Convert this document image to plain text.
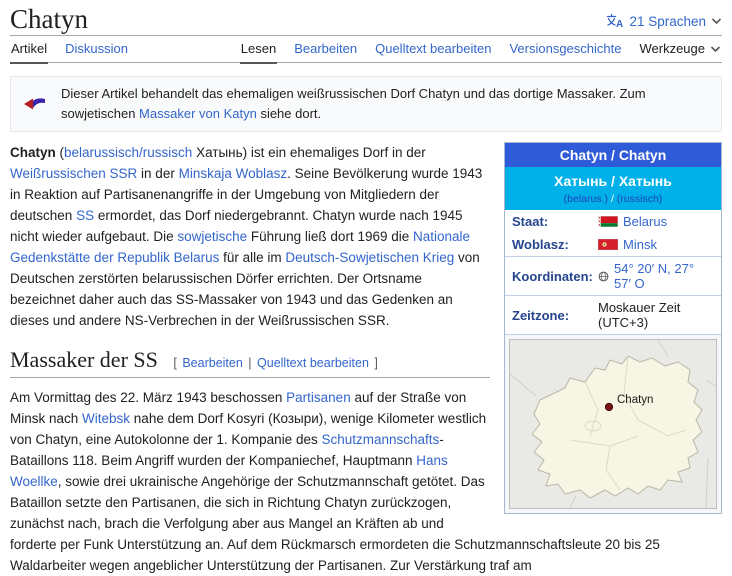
Chatyn	A 21 Sprachen
Artikel Diskussion	Lesen Bearbeiten Quelltext bearbeiten Versionsgeschichte Werkzeuge
Dieser Artikel behandelt das ehemaligen weißrussischen Dorf Chatyn und das dortige Massaker. Zum sowjetischen Massaker von Katyn siehe dort.
Chatyn / Chatyn
Хатынь / Хатынь
(belarus.) / (russisch)
Staat:	Belarus
Woblasz:	Minsk
Koordinaten:	54° 20′ N, 27° 57′ O
Zeitzone:	Moskauer Zeit (UTC+3)
Chatyn

Chatyn (belarussisch/russisch Хатынь) ist ein ehemaliges Dorf in der Weißrussischen SSR in der Minskaja Woblasz. Seine Bevölkerung wurde 1943 in Reaktion auf Partisanenangriffe in der Umgebung von Mitgliedern der deutschen SS ermordet, das Dorf niedergebrannt. Chatyn wurde nach 1945 nicht wieder aufgebaut. Die sowjetische Führung ließ dort 1969 die Nationale Gedenkstätte der Republik Belarus für alle im Deutsch-Sowjetischen Krieg von Deutschen zerstörten belarussischen Dörfer errichten. Der Ortsname bezeichnet daher auch das SS-Massaker von 1943 und das Gedenken an dieses und andere NS-Verbrechen in der Weißrussischen SSR.

Massaker der SS [ Bearbeiten | Quelltext bearbeiten ]

Am Vormittag des 22. März 1943 beschossen Partisanen auf der Straße von Minsk nach Witebsk nahe dem Dorf Kosyri (Козыри), wenige Kilometer westlich von Chatyn, eine Autokolonne der 1. Kompanie des Schutzmannschafts-Bataillons 118. Beim Angriff wurden der Kompaniechef, Hauptmann Hans Woellke, sowie drei ukrainische Angehörige der Schutzmannschaft getötet. Das Bataillon setzte den Partisanen, die sich in Richtung Chatyn zurückzogen, zunächst nach, brach die Verfolgung aber aus Mangel an Kräften ab und forderte per Funk Unterstützung an. Auf dem Rückmarsch ermordeten die Schutzmannschaftsleute 20 bis 25 Waldarbeiter wegen angeblicher Unterstützung der Partisanen. Zur Verstärkung traf am
